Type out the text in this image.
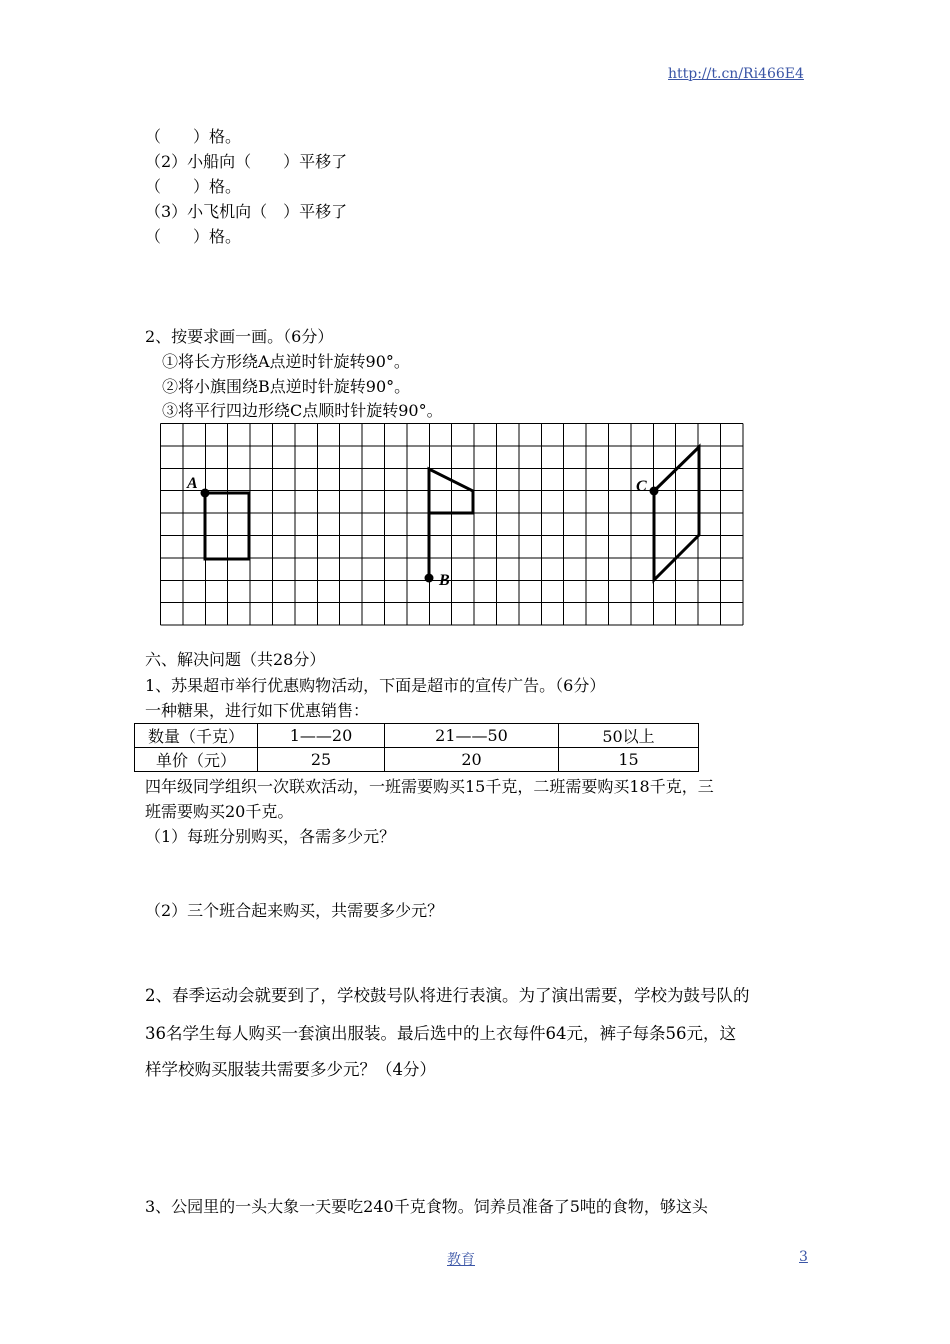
http://t.cn/Ri466E4
（　　）格。
（2）小船向（　　）平移了
（　　）格。
（3）小飞机向（　）平移了
（　　）格。
2、按要求画一画。（6分）
①将长方形绕A点逆时针旋转90°。
②将小旗围绕B点逆时针旋转90°。
③将平行四边形绕C点顺时针旋转90°。
A
B
C
六、解决问题（共28分）
1、苏果超市举行优惠购物活动，下面是超市的宣传广告。（6分）
一种糖果，进行如下优惠销售：
数量（千克）	1——20	21——50	50以上
单价（元）	25	20	15
四年级同学组织一次联欢活动，一班需要购买15千克，二班需要购买18千克，三
班需要购买20千克。
（1）每班分别购买，各需多少元？
（2）三个班合起来购买，共需要多少元？
2、春季运动会就要到了，学校鼓号队将进行表演。为了演出需要，学校为鼓号队的
36名学生每人购买一套演出服装。最后选中的上衣每件64元，裤子每条56元，这
样学校购买服装共需要多少元？（4分）
3、公园里的一头大象一天要吃240千克食物。饲养员准备了5吨的食物，够这头
教育	3
